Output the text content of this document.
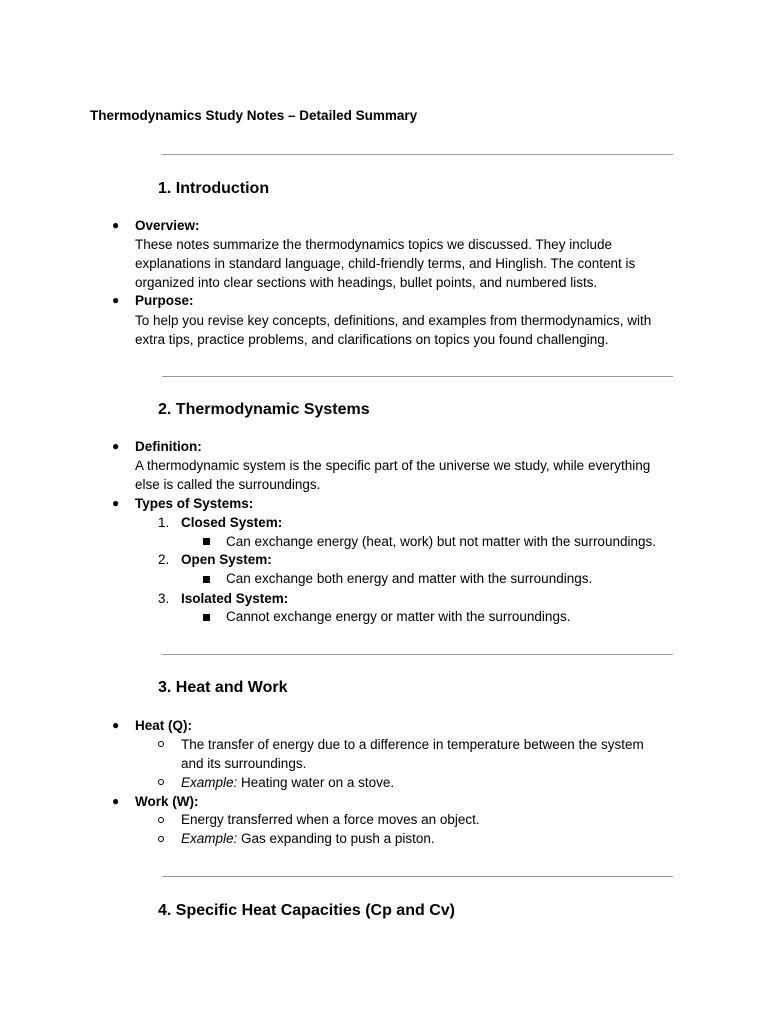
Thermodynamics Study Notes – Detailed Summary
1. Introduction
● Overview:
These notes summarize the thermodynamics topics we discussed. They include
explanations in standard language, child-friendly terms, and Hinglish. The content is
organized into clear sections with headings, bullet points, and numbered lists.
● Purpose:
To help you revise key concepts, definitions, and examples from thermodynamics, with
extra tips, practice problems, and clarifications on topics you found challenging.
2. Thermodynamic Systems
● Definition:
A thermodynamic system is the specific part of the universe we study, while everything
else is called the surroundings.
● Types of Systems:
1. Closed System:
Can exchange energy (heat, work) but not matter with the surroundings.
2. Open System:
Can exchange both energy and matter with the surroundings.
3. Isolated System:
Cannot exchange energy or matter with the surroundings.
3. Heat and Work
● Heat (Q):
The transfer of energy due to a difference in temperature between the system
and its surroundings.
Example: Heating water on a stove.
● Work (W):
Energy transferred when a force moves an object.
Example: Gas expanding to push a piston.
4. Specific Heat Capacities (Cp and Cv)
